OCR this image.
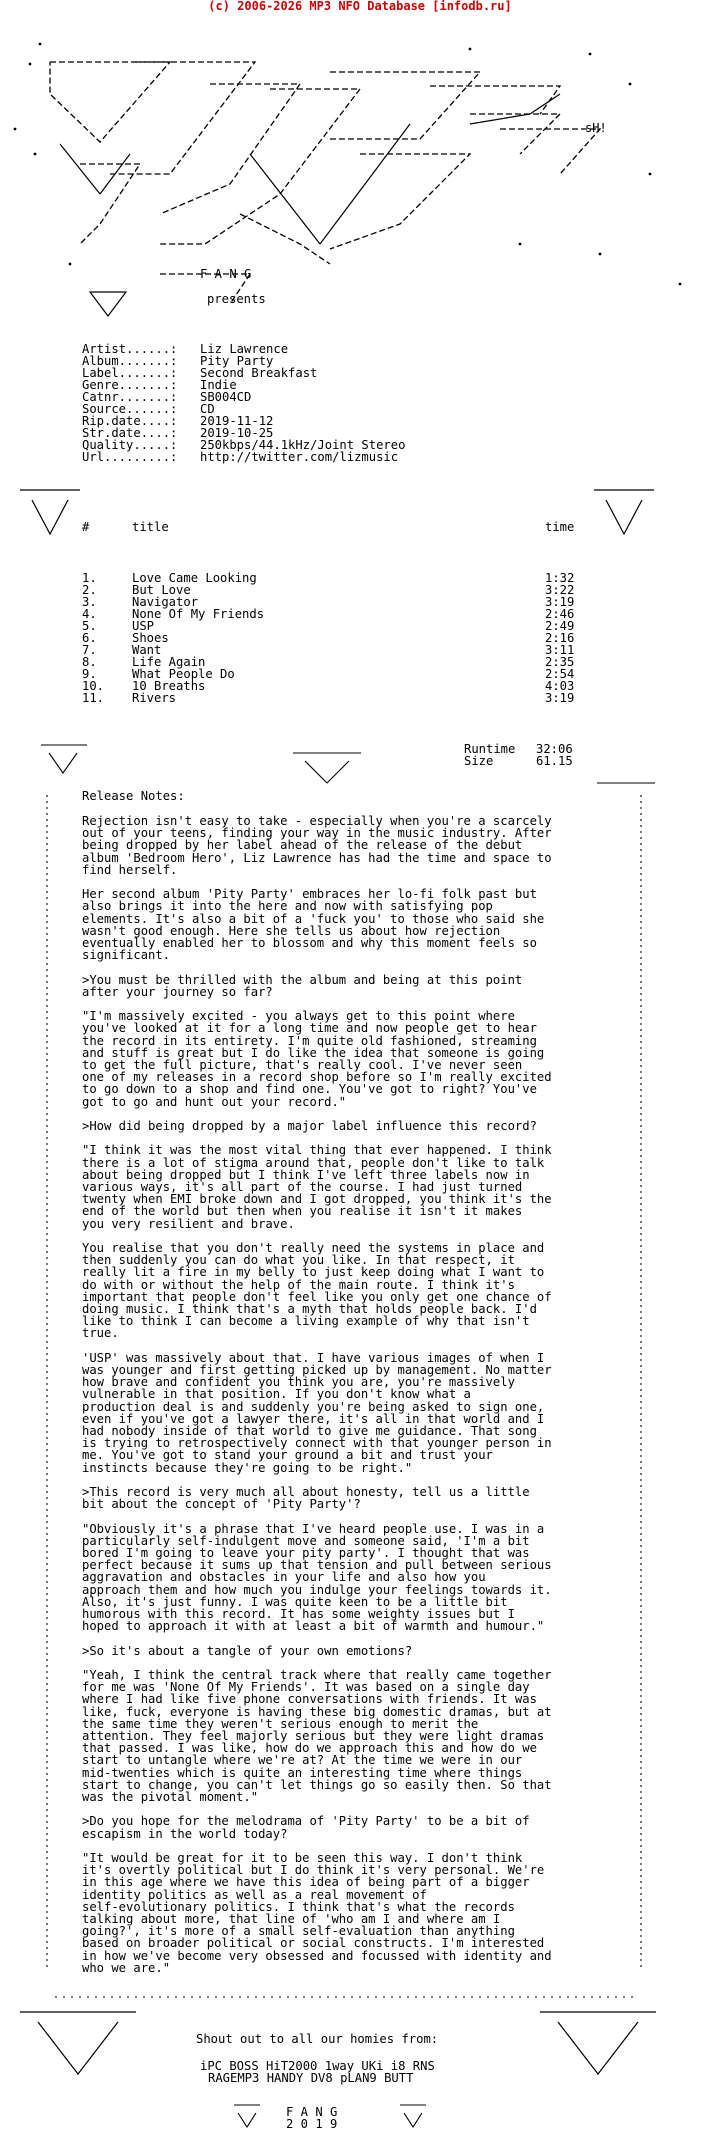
(c) 2006-2026 MP3 NFO Database [infodb.ru]
sH!
F A N G
presents
Artist......: Liz Lawrence
Album.......: Pity Party
Label.......: Second Breakfast
Genre.......: Indie
Catnr.......: SB004CD
Source......: CD
Rip.date....: 2019-11-12
Str.date....: 2019-10-25
Quality.....: 250kbps/44.1kHz/Joint Stereo
Url.........: http://twitter.com/lizmusic
#	title	time
1.	Love Came Looking	1:32
2.	But Love	3:22
3.	Navigator	3:19
4.	None Of My Friends	2:46
5.	USP	2:49
6.	Shoes	2:16
7.	Want	3:11
8.	Life Again	2:35
9.	What People Do	2:54
10. 10 Breaths	4:03
11. Rivers	3:19
Runtime 32:06
Size	61.15
Release Notes:
Rejection isn't easy to take - especially when you're a scarcely
out of your teens, finding your way in the music industry. After
being dropped by her label ahead of the release of the debut
album 'Bedroom Hero', Liz Lawrence has had the time and space to
find herself.
Her second album 'Pity Party' embraces her lo-fi folk past but
also brings it into the here and now with satisfying pop
elements. It's also a bit of a 'fuck you' to those who said she
wasn't good enough. Here she tells us about how rejection
eventually enabled her to blossom and why this moment feels so
significant.
>You must be thrilled with the album and being at this point
after your journey so far?
"I'm massively excited - you always get to this point where
you've looked at it for a long time and now people get to hear
the record in its entirety. I'm quite old fashioned, streaming
and stuff is great but I do like the idea that someone is going
to get the full picture, that's really cool. I've never seen
one of my releases in a record shop before so I'm really excited
to go down to a shop and find one. You've got to right? You've
got to go and hunt out your record."
>How did being dropped by a major label influence this record?
"I think it was the most vital thing that ever happened. I think
there is a lot of stigma around that, people don't like to talk
about being dropped but I think I've left three labels now in
various ways, it's all part of the course. I had just turned
twenty when EMI broke down and I got dropped, you think it's the
end of the world but then when you realise it isn't it makes
you very resilient and brave.
You realise that you don't really need the systems in place and
then suddenly you can do what you like. In that respect, it
really lit a fire in my belly to just keep doing what I want to
do with or without the help of the main route. I think it's
important that people don't feel like you only get one chance of
doing music. I think that's a myth that holds people back. I'd
like to think I can become a living example of why that isn't
true.
'USP' was massively about that. I have various images of when I
was younger and first getting picked up by management. No matter
how brave and confident you think you are, you're massively
vulnerable in that position. If you don't know what a
production deal is and suddenly you're being asked to sign one,
even if you've got a lawyer there, it's all in that world and I
had nobody inside of that world to give me guidance. That song
is trying to retrospectively connect with that younger person in
me. You've got to stand your ground a bit and trust your
instincts because they're going to be right."
>This record is very much all about honesty, tell us a little
bit about the concept of 'Pity Party'?
"Obviously it's a phrase that I've heard people use. I was in a
particularly self-indulgent move and someone said, 'I'm a bit
bored I'm going to leave your pity party'. I thought that was
perfect because it sums up that tension and pull between serious
aggravation and obstacles in your life and also how you
approach them and how much you indulge your feelings towards it.
Also, it's just funny. I was quite keen to be a little bit
humorous with this record. It has some weighty issues but I
hoped to approach it with at least a bit of warmth and humour."
>So it's about a tangle of your own emotions?
"Yeah, I think the central track where that really came together
for me was 'None Of My Friends'. It was based on a single day
where I had like five phone conversations with friends. It was
like, fuck, everyone is having these big domestic dramas, but at
the same time they weren't serious enough to merit the
attention. They feel majorly serious but they were light dramas
that passed. I was like, how do we approach this and how do we
start to untangle where we're at? At the time we were in our
mid-twenties which is quite an interesting time where things
start to change, you can't let things go so easily then. So that
was the pivotal moment."
>Do you hope for the melodrama of 'Pity Party' to be a bit of
escapism in the world today?
"It would be great for it to be seen this way. I don't think
it's overtly political but I do think it's very personal. We're
in this age where we have this idea of being part of a bigger
identity politics as well as a real movement of
self-evolutionary politics. I think that's what the records
talking about more, that line of 'who am I and where am I
going?', it's more of a small self-evaluation than anything
based on broader political or social constructs. I'm interested
in how we've become very obsessed and focussed with identity and
who we are."
Shout out to all our homies from:
iPC BOSS HiT2000 1way UKi i8 RNS
RAGEMP3 HANDY DV8 pLAN9 BUTT
F A N G
2 0 1 9
